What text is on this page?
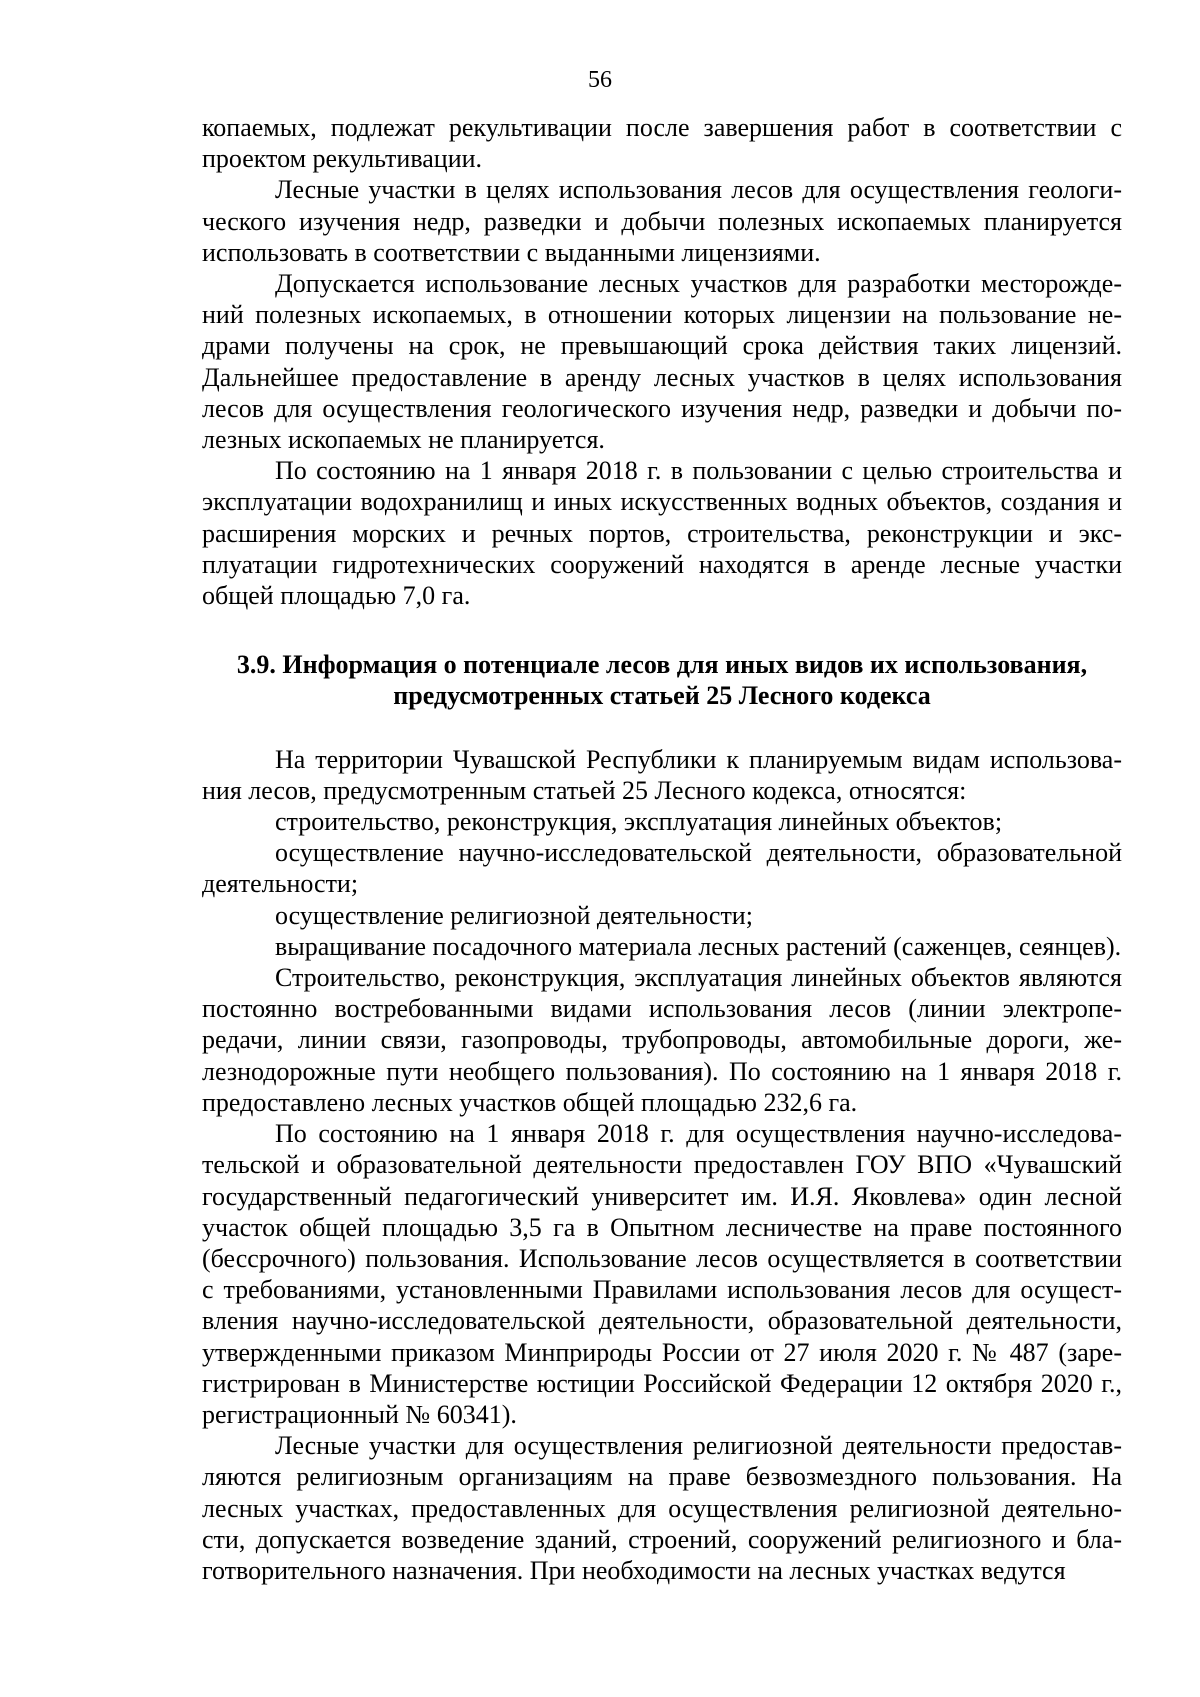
56

копаемых, подлежат рекультивации после завершения работ в соответствии с проектом рекультивации.

Лесные участки в целях использования лесов для осуществления геологического изучения недр, разведки и добычи полезных ископаемых планируется использовать в соответствии с выданными лицензиями.

Допускается использование лесных участков для разработки месторождений полезных ископаемых, в отношении которых лицензии на пользование недрами получены на срок, не превышающий срока действия таких лицензий. Дальнейшее предоставление в аренду лесных участков в целях использования лесов для осуществления геологического изучения недр, разведки и добычи полезных ископаемых не планируется.

По состоянию на 1 января 2018 г. в пользовании с целью строительства и эксплуатации водохранилищ и иных искусственных водных объектов, создания и расширения морских и речных портов, строительства, реконструкции и эксплуатации гидротехнических сооружений находятся в аренде лесные участки общей площадью 7,0 га.

3.9. Информация о потенциале лесов для иных видов их использования,
предусмотренных статьей 25 Лесного кодекса

На территории Чувашской Республики к планируемым видам использования лесов, предусмотренным статьей 25 Лесного кодекса, относятся:

строительство, реконструкция, эксплуатация линейных объектов;

осуществление научно-исследовательской деятельности, образовательной деятельности;

осуществление религиозной деятельности;

выращивание посадочного материала лесных растений (саженцев, сеянцев).

Строительство, реконструкция, эксплуатация линейных объектов являются постоянно востребованными видами использования лесов (линии электропередачи, линии связи, газопроводы, трубопроводы, автомобильные дороги, железнодорожные пути необщего пользования). По состоянию на 1 января 2018 г. предоставлено лесных участков общей площадью 232,6 га.

По состоянию на 1 января 2018 г. для осуществления научно-исследовательской и образовательной деятельности предоставлен ГОУ ВПО «Чувашский государственный педагогический университет им. И.Я. Яковлева» один лесной участок общей площадью 3,5 га в Опытном лесничестве на праве постоянного (бессрочного) пользования. Использование лесов осуществляется в соответствии с требованиями, установленными Правилами использования лесов для осуществления научно-исследовательской деятельности, образовательной деятельности, утвержденными приказом Минприроды России от 27 июля 2020 г. № 487 (зарегистрирован в Министерстве юстиции Российской Федерации 12 октября 2020 г., регистрационный № 60341).

Лесные участки для осуществления религиозной деятельности предоставляются религиозным организациям на праве безвозмездного пользования. На лесных участках, предоставленных для осуществления религиозной деятельности, допускается возведение зданий, строений, сооружений религиозного и благотворительного назначения. При необходимости на лесных участках ведутся
